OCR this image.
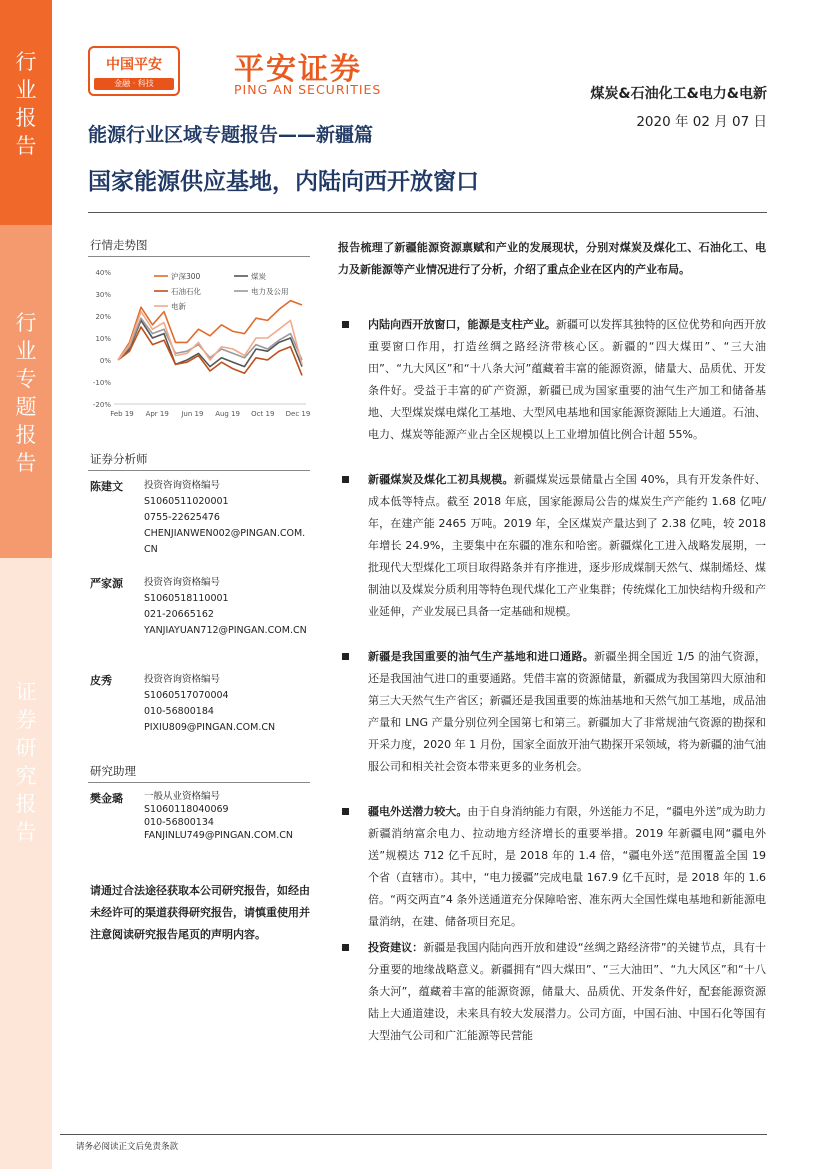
行
业
报
告
行
业
专
题
报
告
证
券
研
究
报
告
中国平安
金融 · 科技	平安证券
PING AN SECURITIES	煤炭&石油化工&电力&电新
2020 年 02 月 07 日
能源行业区域专题报告——新疆篇
国家能源供应基地，内陆向西开放窗口
行情走势图
40%
30%
20%
10%
0%
-10%
-20%
Feb 19 Apr 19 Jun 19 Aug 19 Oct 19 Dec 19
沪深300	煤炭
石油石化	电力及公用
电新
证券分析师
陈建文 投资咨询资格编号
S1060511020001
0755-22625476
CHENJIANWEN002@PINGAN.COM.CN
严家源 投资咨询资格编号
S1060518110001
021-20665162
YANJIAYUAN712@PINGAN.COM.CN
皮秀	投资咨询资格编号
S1060517070004
010-56800184
PIXIU809@PINGAN.COM.CN
研究助理
樊金璐 一般从业资格编号
S1060118040069
010-56800134
FANJINLU749@PINGAN.COM.CN
请通过合法途径获取本公司研究报告，如经由未经许可的渠道获得研究报告，请慎重使用并注意阅读研究报告尾页的声明内容。
报告梳理了新疆能源资源禀赋和产业的发展现状，分别对煤炭及煤化工、石油化工、电力及新能源等产业情况进行了分析，介绍了重点企业在区内的产业布局。

内陆向西开放窗口，能源是支柱产业。新疆可以发挥其独特的区位优势和向西开放重要窗口作用，打造丝绸之路经济带核心区。新疆的“四大煤田”、“三大油田”、“九大风区”和“十八条大河”蕴藏着丰富的能源资源，储量大、品质优、开发条件好。受益于丰富的矿产资源，新疆已成为国家重要的油气生产加工和储备基地、大型煤炭煤电煤化工基地、大型风电基地和国家能源资源陆上大通道。石油、电力、煤炭等能源产业占全区规模以上工业增加值比例合计超 55%。

新疆煤炭及煤化工初具规模。新疆煤炭远景储量占全国 40%，具有开发条件好、成本低等特点。截至 2018 年底，国家能源局公告的煤炭生产产能约 1.68 亿吨/年，在建产能 2465 万吨。2019 年，全区煤炭产量达到了 2.38 亿吨，较 2018 年增长 24.9%，主要集中在东疆的准东和哈密。新疆煤化工进入战略发展期，一批现代大型煤化工项目取得路条并有序推进，逐步形成煤制天然气、煤制烯烃、煤制油以及煤炭分质利用等特色现代煤化工产业集群；传统煤化工加快结构升级和产业延伸，产业发展已具备一定基础和规模。

新疆是我国重要的油气生产基地和进口通路。新疆坐拥全国近 1/5 的油气资源，还是我国油气进口的重要通路。凭借丰富的资源储量，新疆成为我国第四大原油和第三大天然气生产省区；新疆还是我国重要的炼油基地和天然气加工基地，成品油产量和 LNG 产量分别位列全国第七和第三。新疆加大了非常规油气资源的勘探和开采力度，2020 年 1 月份，国家全面放开油气勘探开采领域，将为新疆的油气油服公司和相关社会资本带来更多的业务机会。

疆电外送潜力较大。由于自身消纳能力有限，外送能力不足，“疆电外送”成为助力新疆消纳富余电力、拉动地方经济增长的重要举措。2019 年新疆电网“疆电外送”规模达 712 亿千瓦时，是 2018 年的 1.4 倍，“疆电外送”范围覆盖全国 19 个省（直辖市）。其中，“电力援疆”完成电量 167.9 亿千瓦时，是 2018 年的 1.6 倍。“两交两直”4 条外送通道充分保障哈密、准东两大全国性煤电基地和新能源电量消纳，在建、储备项目充足。

投资建议：新疆是我国内陆向西开放和建设“丝绸之路经济带”的关键节点，具有十分重要的地缘战略意义。新疆拥有“四大煤田”、“三大油田”、“九大风区”和“十八条大河”，蕴藏着丰富的能源资源，储量大、品质优、开发条件好，配套能源资源陆上大通道建设，未来具有较大发展潜力。公司方面，中国石油、中国石化等国有大型油气公司和广汇能源等民营能

请务必阅读正文后免责条款
